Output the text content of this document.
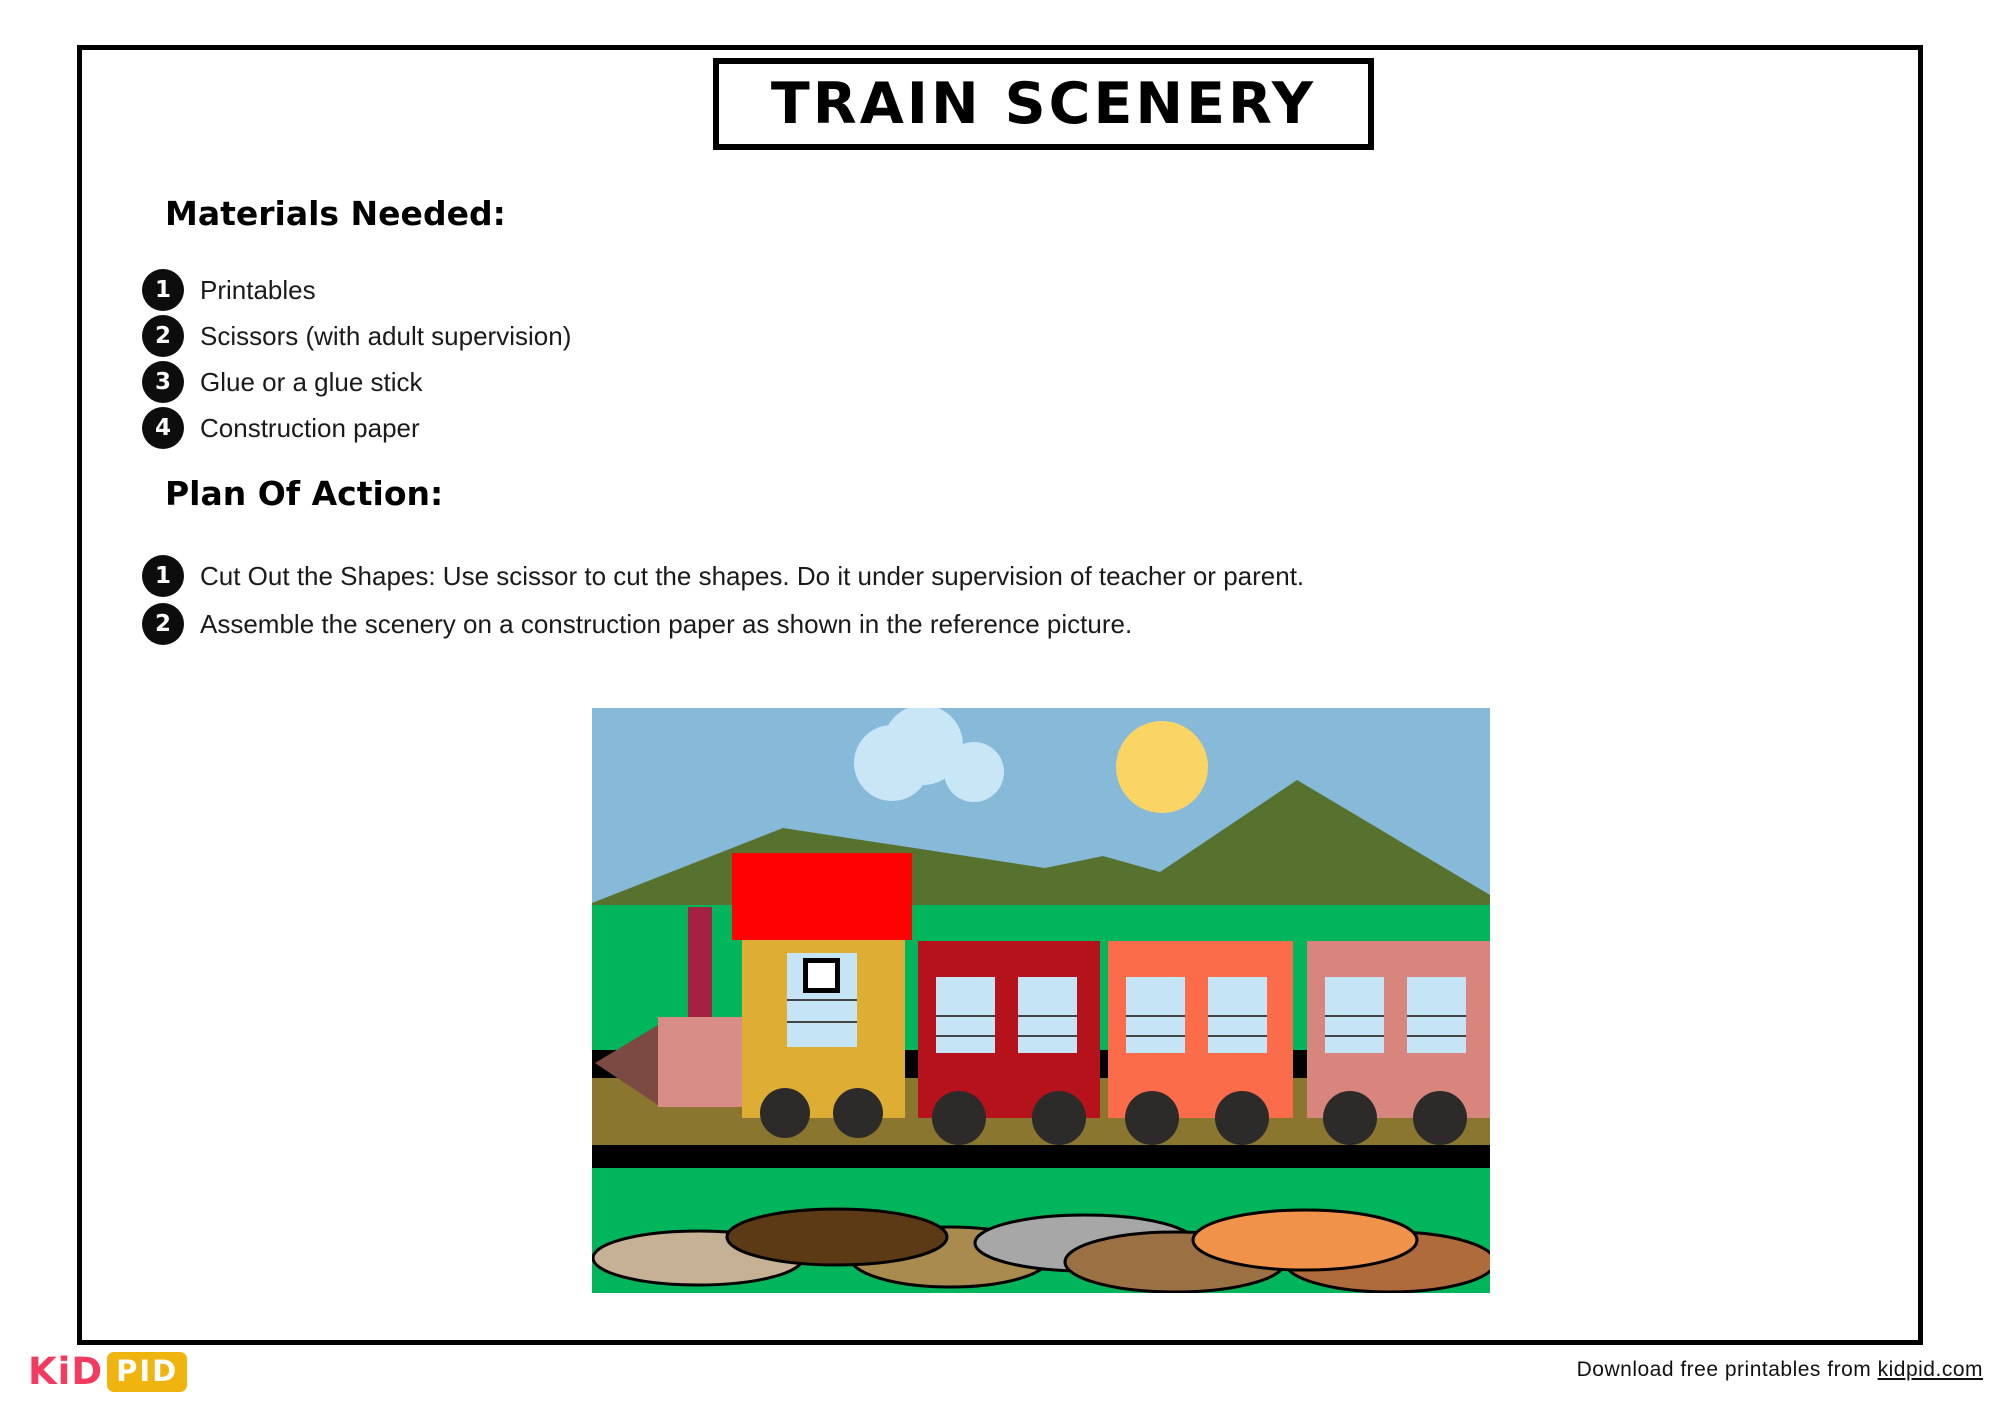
TRAIN SCENERY
Materials Needed:
1	Printables
2	Scissors (with adult supervision)
3	Glue or a glue stick
4	Construction paper
Plan Of Action:
1	Cut Out the Shapes: Use scissor to cut the shapes. Do it under supervision of teacher or parent.
2	Assemble the scenery on a construction paper as shown in the reference picture.
KiD PID	Download free printables from kidpid.com
